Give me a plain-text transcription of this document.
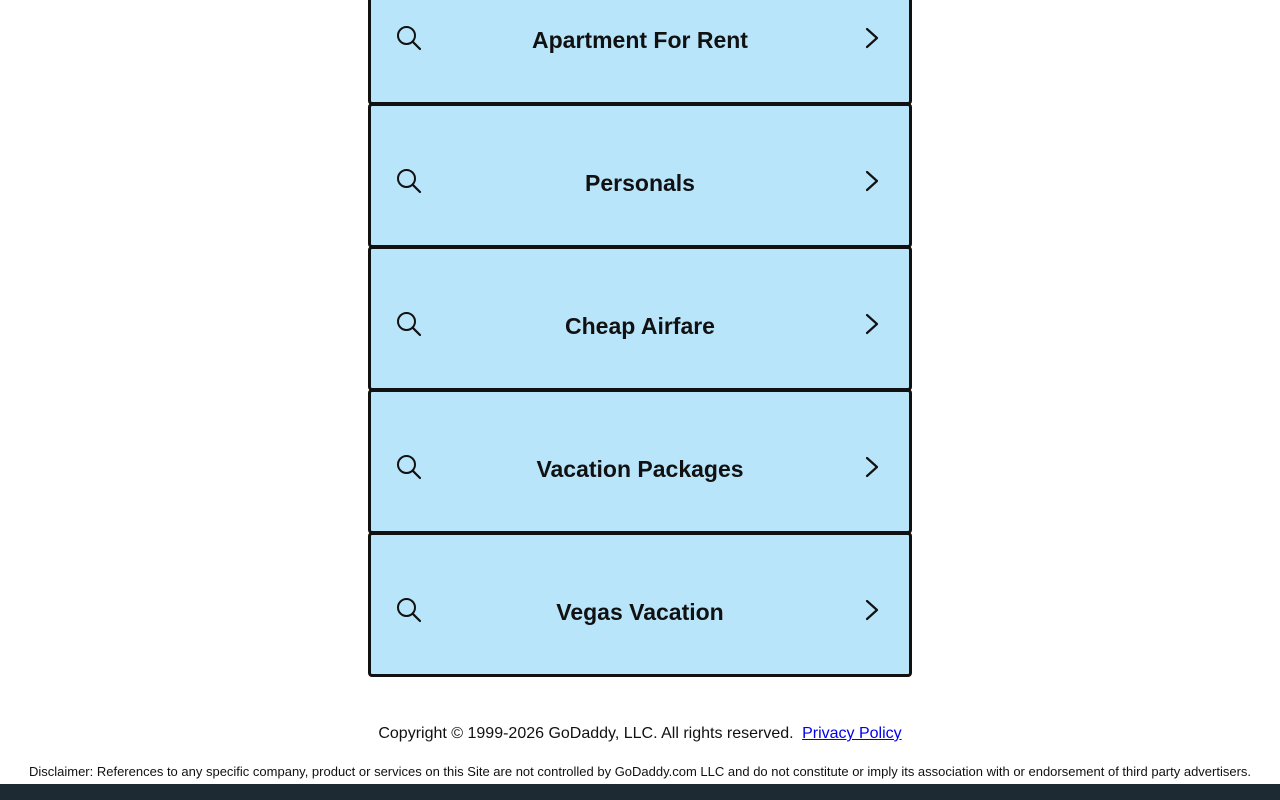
Apartment For Rent
Personals
Cheap Airfare
Vacation Packages
Vegas Vacation
Copyright © 1999-2026 GoDaddy, LLC. All rights reserved. Privacy Policy
Disclaimer: References to any specific company, product or services on this Site are not controlled by GoDaddy.com LLC and do not constitute or imply its association with or endorsement of third party advertisers.
